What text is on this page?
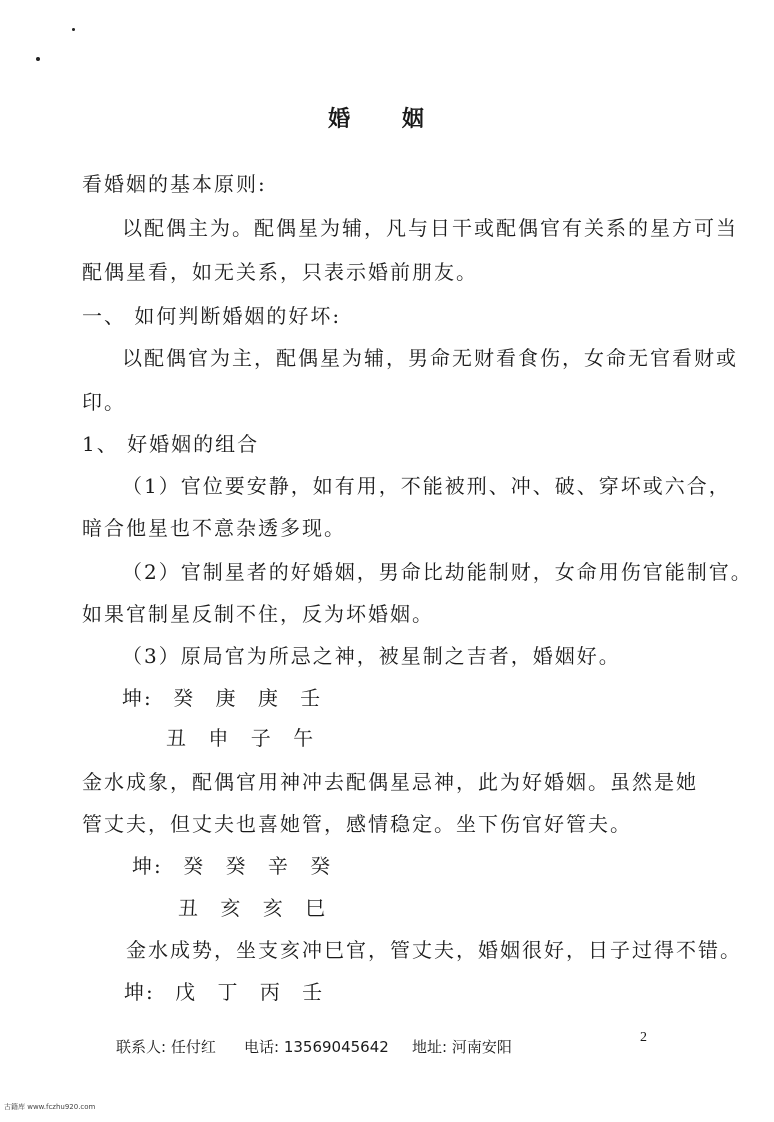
婚 姻

看婚姻的基本原则:

以配偶主为。配偶星为辅，凡与日干或配偶官有关系的星方可当

配偶星看，如无关系，只表示婚前朋友。

一、 如何判断婚姻的好坏:

以配偶官为主，配偶星为辅，男命无财看食伤，女命无官看财或

印。

1、 好婚姻的组合

（1）官位要安静，如有用，不能被刑、冲、破、穿坏或六合，

暗合他星也不意杂透多现。

（2）官制星者的好婚姻，男命比劫能制财，女命用伤官能制官。

如果官制星反制不住，反为坏婚姻。

（3）原局官为所忌之神，被星制之吉者，婚姻好。

坤: 癸 庚 庚 壬
丑 申 子 午

金水成象，配偶官用神冲去配偶星忌神，此为好婚姻。虽然是她

管丈夫，但丈夫也喜她管，感情稳定。坐下伤官好管夫。

坤: 癸 癸 辛 癸
丑 亥 亥 巳

金水成势，坐支亥冲巳官，管丈夫，婚姻很好，日子过得不错。

坤: 戊 丁 丙 壬
联系人: 任付红 电话: 13569045642 地址: 河南安阳
2
古籍库 www.fczhu920.com
